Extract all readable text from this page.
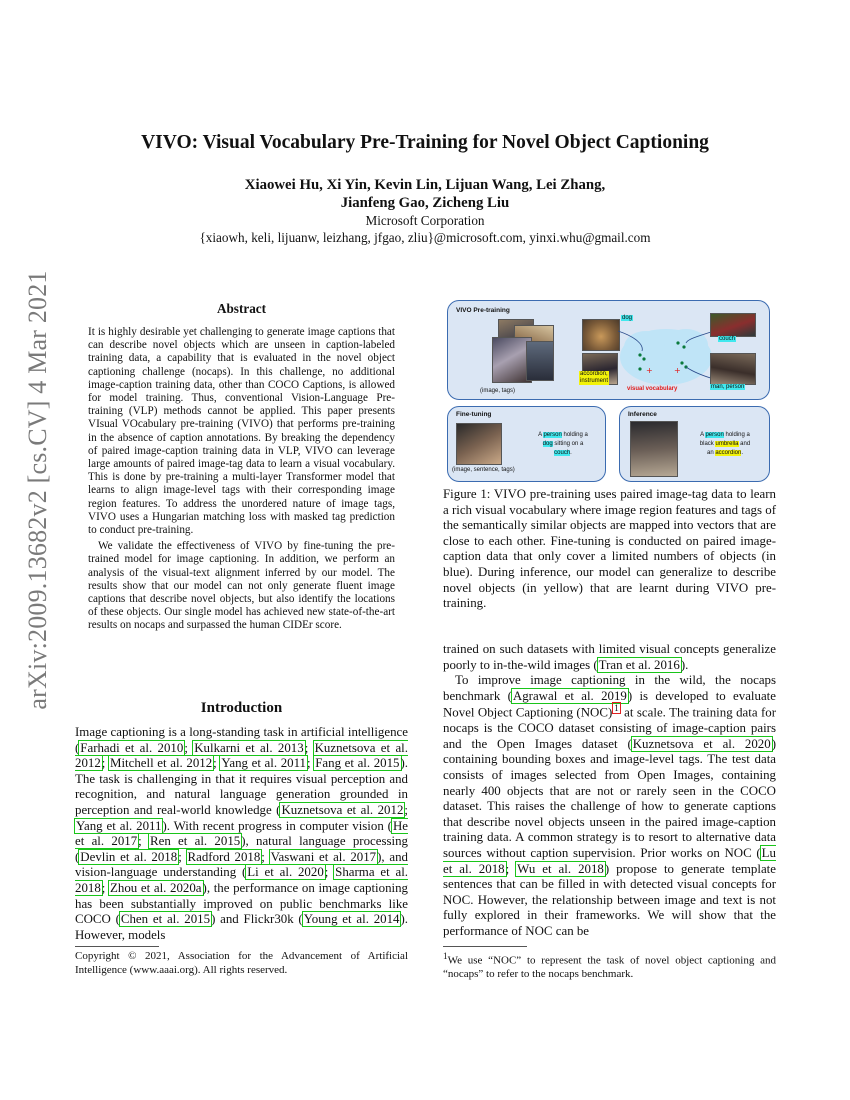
arXiv:2009.13682v2 [cs.CV] 4 Mar 2021
VIVO: Visual Vocabulary Pre-Training for Novel Object Captioning
Xiaowei Hu, Xi Yin, Kevin Lin, Lijuan Wang, Lei Zhang,
Jianfeng Gao, Zicheng Liu
Microsoft Corporation
{xiaowh, keli, lijuanw, leizhang, jfgao, zliu}@microsoft.com, yinxi.whu@gmail.com
Abstract

It is highly desirable yet challenging to generate image captions that can describe novel objects which are unseen in caption-labeled training data, a capability that is evaluated in the novel object captioning challenge (nocaps). In this challenge, no additional image-caption training data, other than COCO Captions, is allowed for model training. Thus, conventional Vision-Language Pre-training (VLP) methods cannot be applied. This paper presents VIsual VOcabulary pre-training (VIVO) that performs pre-training in the absence of caption annotations. By breaking the dependency of paired image-caption training data in VLP, VIVO can leverage large amounts of paired image-tag data to learn a visual vocabulary. This is done by pre-training a multi-layer Transformer model that learns to align image-level tags with their corresponding image region features. To address the unordered nature of image tags, VIVO uses a Hungarian matching loss with masked tag prediction to conduct pre-training.

We validate the effectiveness of VIVO by fine-tuning the pre-trained model for image captioning. In addition, we perform an analysis of the visual-text alignment inferred by our model. The results show that our model can not only generate fluent image captions that describe novel objects, but also identify the locations of these objects. Our single model has achieved new state-of-the-art results on nocaps and surpassed the human CIDEr score.

Introduction

Image captioning is a long-standing task in artificial intelligence (Farhadi et al. 2010; Kulkarni et al. 2013; Kuznetsova et al. 2012; Mitchell et al. 2012; Yang et al. 2011; Fang et al. 2015). The task is challenging in that it requires visual perception and recognition, and natural language generation grounded in perception and real-world knowledge (Kuznetsova et al. 2012; Yang et al. 2011). With recent progress in computer vision (He et al. 2017; Ren et al. 2015), natural language processing (Devlin et al. 2018; Radford 2018; Vaswani et al. 2017), and vision-language understanding (Li et al. 2020; Sharma et al. 2018; Zhou et al. 2020a), the performance on image captioning has been substantially improved on public benchmarks like COCO (Chen et al. 2015) and Flickr30k (Young et al. 2014). However, models

VIVO Pre-training
(image, tags)
dog
accordion,
instrument
+	+
visual vocabulary
couch
man, person
Fine-tuning
(image, sentence, tags)
A person holding a
dog sitting on a
couch.
Inference
A person holding a
black umbrella and
an accordion.
Figure 1: VIVO pre-training uses paired image-tag data to learn a rich visual vocabulary where image region features and tags of the semantically similar objects are mapped into vectors that are close to each other. Fine-tuning is conducted on paired image-caption data that only cover a limited numbers of objects (in blue). During inference, our model can generalize to describe novel objects (in yellow) that are learnt during VIVO pre-training.

trained on such datasets with limited visual concepts generalize poorly to in-the-wild images (Tran et al. 2016).

To improve image captioning in the wild, the nocaps benchmark (Agrawal et al. 2019) is developed to evaluate Novel Object Captioning (NOC) $^1$ at scale. The training data for nocaps is the COCO dataset consisting of image-caption pairs and the Open Images dataset (Kuznetsova et al. 2020) containing bounding boxes and image-level tags. The test data consists of images selected from Open Images, containing nearly 400 objects that are not or rarely seen in the COCO dataset. This raises the challenge of how to generate captions that describe novel objects unseen in the paired image-caption training data. A common strategy is to resort to alternative data sources without caption supervision. Prior works on NOC (Lu et al. 2018; Wu et al. 2018) propose to generate template sentences that can be filled in with detected visual concepts for NOC. However, the relationship between image and text is not fully explored in their frameworks. We will show that the performance of NOC can be

Copyright © 2021, Association for the Advancement of Artificial Intelligence (www.aaai.org). All rights reserved.
$^1$We use “NOC” to represent the task of novel object captioning and “nocaps” to refer to the nocaps benchmark.
